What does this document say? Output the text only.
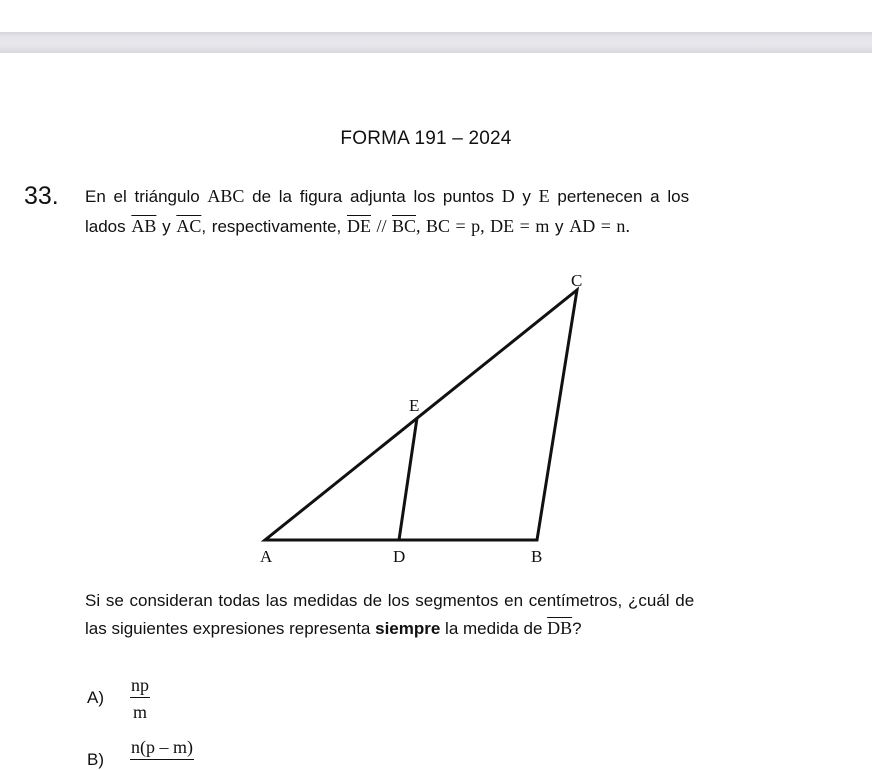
FORMA 191 – 2024
33. En el triángulo ABC de la figura adjunta los puntos D y E pertenecen a los
lados $\overline{AB}$ y $\overline{AC}$, respectivamente, $\overline{DE} // \overline{BC}$, BC = p, DE = m y AD = n.
C
E
A	D	B
Si se consideran todas las medidas de los segmentos en centímetros, ¿cuál de
las siguientes expresiones representa siempre la medida de $\overline{DB}$?
$A) \frac{np}{m}$
B)
n(p – m)
